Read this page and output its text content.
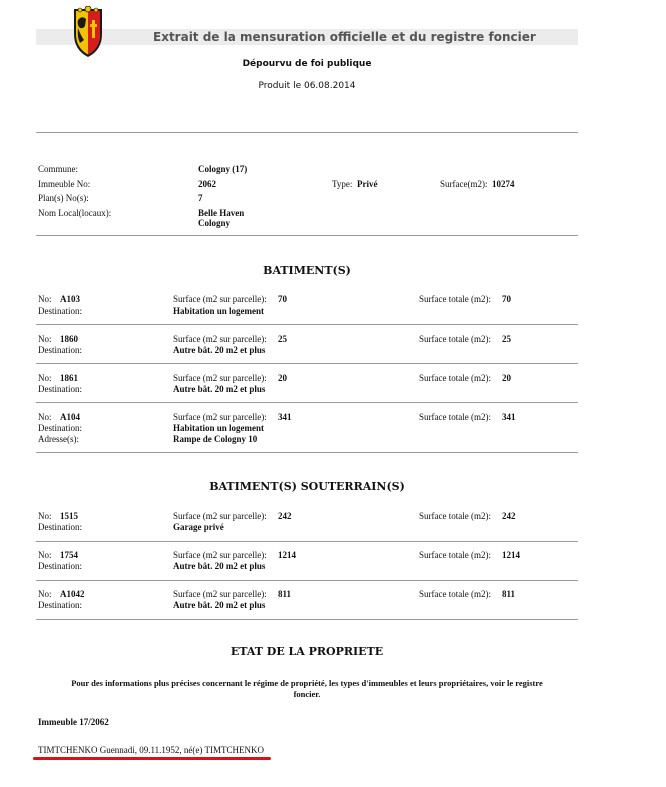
Extrait de la mensuration officielle et du registre foncier
Dépourvu de foi publique
Produit le 06.08.2014
Commune:	Cologny (17)
Immeuble No:	2062	Type: Privé	Surface(m2): 10274
Plan(s) No(s):	7
Nom Local(locaux):	Belle Haven
Cologny
BATIMENT(S)
No: A103	Surface (m2 sur parcelle): 70	Surface totale (m2): 70
Destination:	Habitation un logement
No: 1860	Surface (m2 sur parcelle): 25	Surface totale (m2): 25
Destination:	Autre bât. 20 m2 et plus
No: 1861	Surface (m2 sur parcelle): 20	Surface totale (m2): 20
Destination:	Autre bât. 20 m2 et plus
No: A104	Surface (m2 sur parcelle): 341	Surface totale (m2): 341
Destination:	Habitation un logement
Adresse(s):	Rampe de Cologny 10
BATIMENT(S) SOUTERRAIN(S)
No: 1515	Surface (m2 sur parcelle): 242	Surface totale (m2): 242
Destination:	Garage privé
No: 1754	Surface (m2 sur parcelle): 1214	Surface totale (m2): 1214
Destination:	Autre bât. 20 m2 et plus
No: A1042	Surface (m2 sur parcelle): 811	Surface totale (m2): 811
Destination:	Autre bât. 20 m2 et plus
ETAT DE LA PROPRIETE
Pour des informations plus précises concernant le régime de propriété, les types d'immeubles et leurs propriétaires, voir le registre
foncier.
Immeuble 17/2062
TIMTCHENKO Guennadi, 09.11.1952, né(e) TIMTCHENKO
